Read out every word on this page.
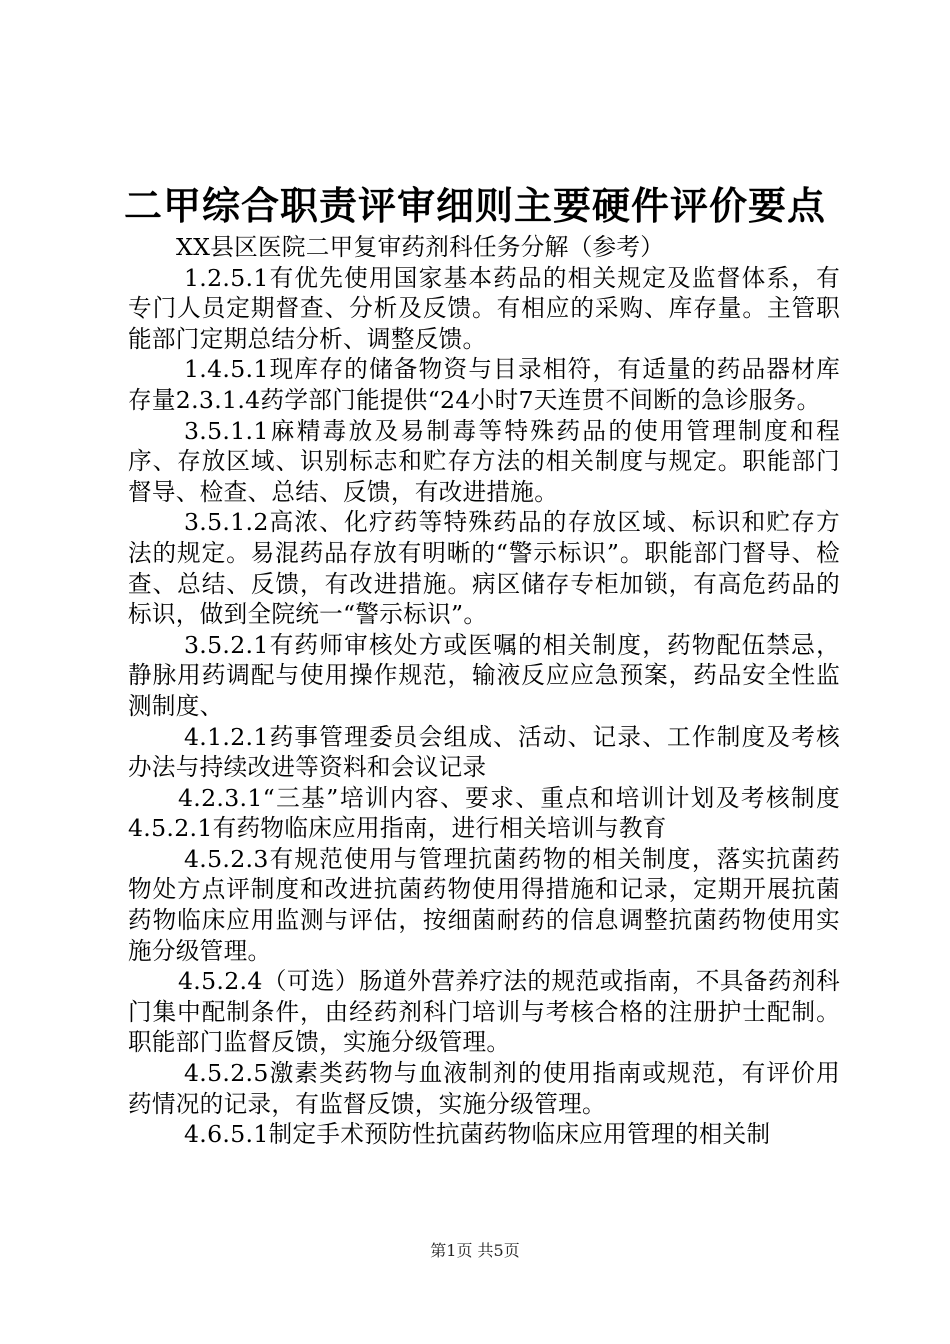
二甲综合职责评审细则主要硬件评价要点
XX县区医院二甲复审药剂科任务分解（参考）

1.2.5.1有优先使用国家基本药品的相关规定及监督体系，有专门人员定期督查、分析及反馈。有相应的采购、库存量。主管职能部门定期总结分析、调整反馈。

1.4.5.1现库存的储备物资与目录相符，有适量的药品器材库存量2.3.1.4药学部门能提供“24小时7天连贯不间断的急诊服务。

3.5.1.1麻精毒放及易制毒等特殊药品的使用管理制度和程序、存放区域、识别标志和贮存方法的相关制度与规定。职能部门督导、检查、总结、反馈，有改进措施。

3.5.1.2高浓、化疗药等特殊药品的存放区域、标识和贮存方法的规定。易混药品存放有明晰的“警示标识”。职能部门督导、检查、总结、反馈，有改进措施。病区储存专柜加锁，有高危药品的标识，做到全院统一“警示标识”。

3.5.2.1有药师审核处方或医嘱的相关制度，药物配伍禁忌，静脉用药调配与使用操作规范，输液反应应急预案，药品安全性监测制度、

4.1.2.1药事管理委员会组成、活动、记录、工作制度及考核办法与持续改进等资料和会议记录

4.2.3.1“三基”培训内容、要求、重点和培训计划及考核制度4.5.2.1有药物临床应用指南，进行相关培训与教育

4.5.2.3有规范使用与管理抗菌药物的相关制度，落实抗菌药物处方点评制度和改进抗菌药物使用得措施和记录，定期开展抗菌药物临床应用监测与评估，按细菌耐药的信息调整抗菌药物使用实施分级管理。

4.5.2.4（可选）肠道外营养疗法的规范或指南，不具备药剂科门集中配制条件，由经药剂科门培训与考核合格的注册护士配制。职能部门监督反馈，实施分级管理。

4.5.2.5激素类药物与血液制剂的使用指南或规范，有评价用药情况的记录，有监督反馈，实施分级管理。

4.6.5.1制定手术预防性抗菌药物临床应用管理的相关制

第1页 共5页
